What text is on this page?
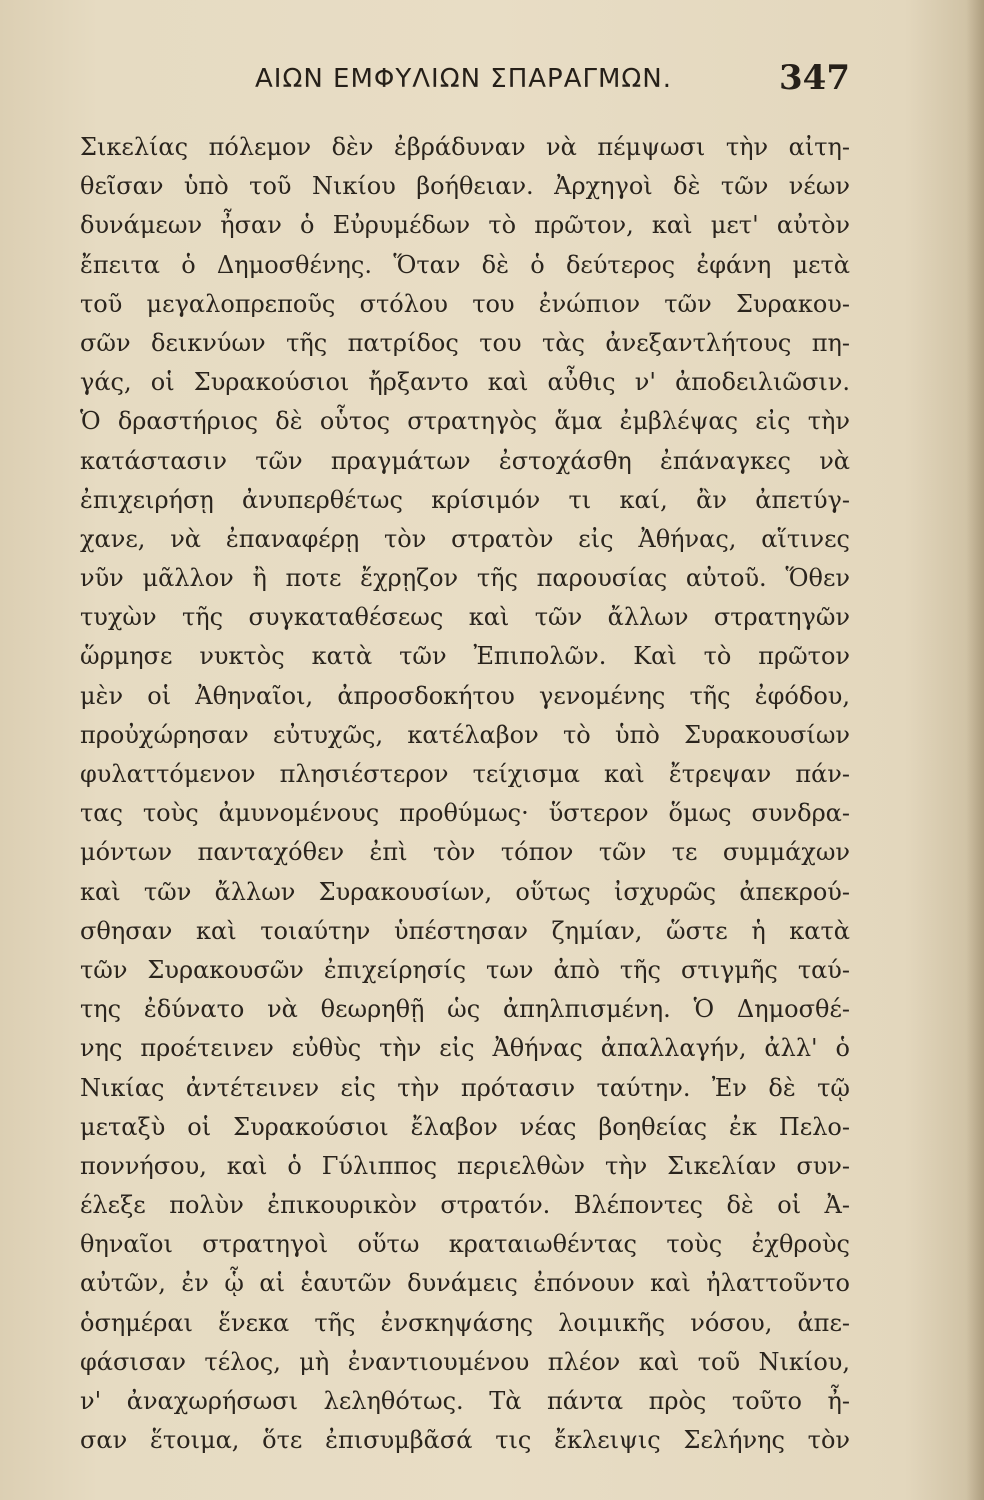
ΑΙΩΝ ΕΜΦΥΛΙΩΝ ΣΠΑΡΑΓΜΩΝ.	347
Σικελίας πόλεμον δὲν ἐβράδυναν νὰ πέμψωσι τὴν αἰτη-
θεῖσαν ὑπὸ τοῦ Νικίου βοήθειαν. Ἀρχηγοὶ δὲ τῶν νέων
δυνάμεων ἦσαν ὁ Εὐρυμέδων τὸ πρῶτον, καὶ μετ' αὐτὸν
ἔπειτα ὁ Δημοσθένης. Ὅταν δὲ ὁ δεύτερος ἐφάνη μετὰ
τοῦ μεγαλοπρεποῦς στόλου του ἐνώπιον τῶν Συρακου-
σῶν δεικνύων τῆς πατρίδος του τὰς ἀνεξαντλήτους πη-
γάς, οἱ Συρακούσιοι ἤρξαντο καὶ αὖθις ν' ἀποδειλιῶσιν.
Ὁ δραστήριος δὲ οὗτος στρατηγὸς ἅμα ἐμβλέψας εἰς τὴν
κατάστασιν τῶν πραγμάτων ἐστοχάσθη ἐπάναγκες νὰ
ἐπιχειρήσῃ ἀνυπερθέτως κρίσιμόν τι καί, ἂν ἀπετύγ-
χανε, νὰ ἐπαναφέρῃ τὸν στρατὸν εἰς Ἀθήνας, αἵτινες
νῦν μᾶλλον ἢ ποτε ἔχρῃζον τῆς παρουσίας αὐτοῦ. Ὅθεν
τυχὼν τῆς συγκαταθέσεως καὶ τῶν ἄλλων στρατηγῶν
ὥρμησε νυκτὸς κατὰ τῶν Ἐπιπολῶν. Καὶ τὸ πρῶτον
μὲν οἱ Ἀθηναῖοι, ἀπροσδοκήτου γενομένης τῆς ἐφόδου,
προὐχώρησαν εὐτυχῶς, κατέλαβον τὸ ὑπὸ Συρακουσίων
φυλαττόμενον πλησιέστερον τείχισμα καὶ ἔτρεψαν πάν-
τας τοὺς ἀμυνομένους προθύμως· ὕστερον ὅμως συνδρα-
μόντων πανταχόθεν ἐπὶ τὸν τόπον τῶν τε συμμάχων
καὶ τῶν ἄλλων Συρακουσίων, οὕτως ἰσχυρῶς ἀπεκρού-
σθησαν καὶ τοιαύτην ὑπέστησαν ζημίαν, ὥστε ἡ κατὰ
τῶν Συρακουσῶν ἐπιχείρησίς των ἀπὸ τῆς στιγμῆς ταύ-
της ἐδύνατο νὰ θεωρηθῇ ὡς ἀπηλπισμένη. Ὁ Δημοσθέ-
νης προέτεινεν εὐθὺς τὴν εἰς Ἀθήνας ἀπαλλαγήν, ἀλλ' ὁ
Νικίας ἀντέτεινεν εἰς τὴν πρότασιν ταύτην. Ἐν δὲ τῷ
μεταξὺ οἱ Συρακούσιοι ἔλαβον νέας βοηθείας ἐκ Πελο-
ποννήσου, καὶ ὁ Γύλιππος περιελθὼν τὴν Σικελίαν συν-
έλεξε πολὺν ἐπικουρικὸν στρατόν. Βλέποντες δὲ οἱ Ἀ-
θηναῖοι στρατηγοὶ οὕτω κραταιωθέντας τοὺς ἐχθροὺς
αὐτῶν, ἐν ᾧ αἱ ἑαυτῶν δυνάμεις ἐπόνουν καὶ ἠλαττοῦντο
ὁσημέραι ἕνεκα τῆς ἐνσκηψάσης λοιμικῆς νόσου, ἀπε-
φάσισαν τέλος, μὴ ἐναντιουμένου πλέον καὶ τοῦ Νικίου,
ν' ἀναχωρήσωσι λεληθότως. Τὰ πάντα πρὸς τοῦτο ἦ-
σαν ἕτοιμα, ὅτε ἐπισυμβᾶσά τις ἔκλειψις Σελήνης τὸν
